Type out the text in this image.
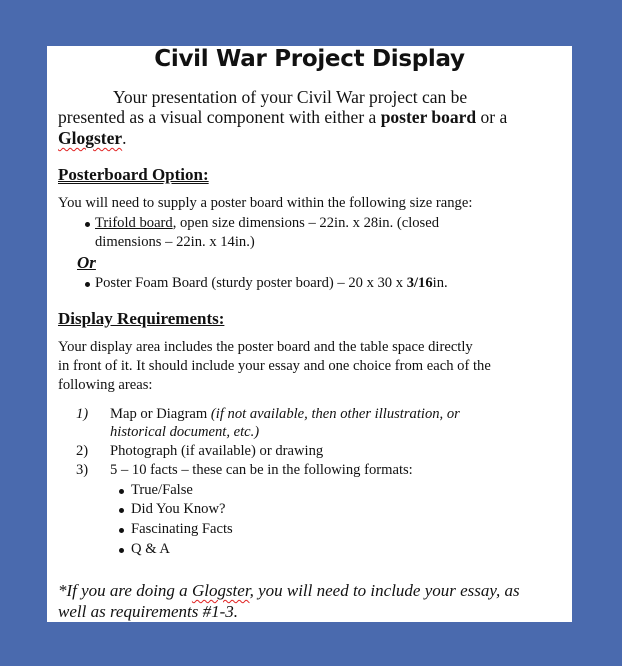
Civil War Project Display
Your presentation of your Civil War project can be
presented as a visual component with either a poster board or a
Glogster.
Posterboard Option:
You will need to supply a poster board within the following size range:
Trifold board, open size dimensions – 22in. x 28in. (closed
dimensions – 22in. x 14in.)
Or
Poster Foam Board (sturdy poster board) – 20 x 30 x 3/16in.
Display Requirements:
Your display area includes the poster board and the table space directly
in front of it. It should include your essay and one choice from each of the
following areas:
1) Map or Diagram (if not available, then other illustration, or
historical document, etc.)
2) Photograph (if available) or drawing
3) 5 – 10 facts – these can be in the following formats:
True/False
Did You Know?
Fascinating Facts
Q & A
*If you are doing a Glogster, you will need to include your essay, as
well as requirements #1-3.
